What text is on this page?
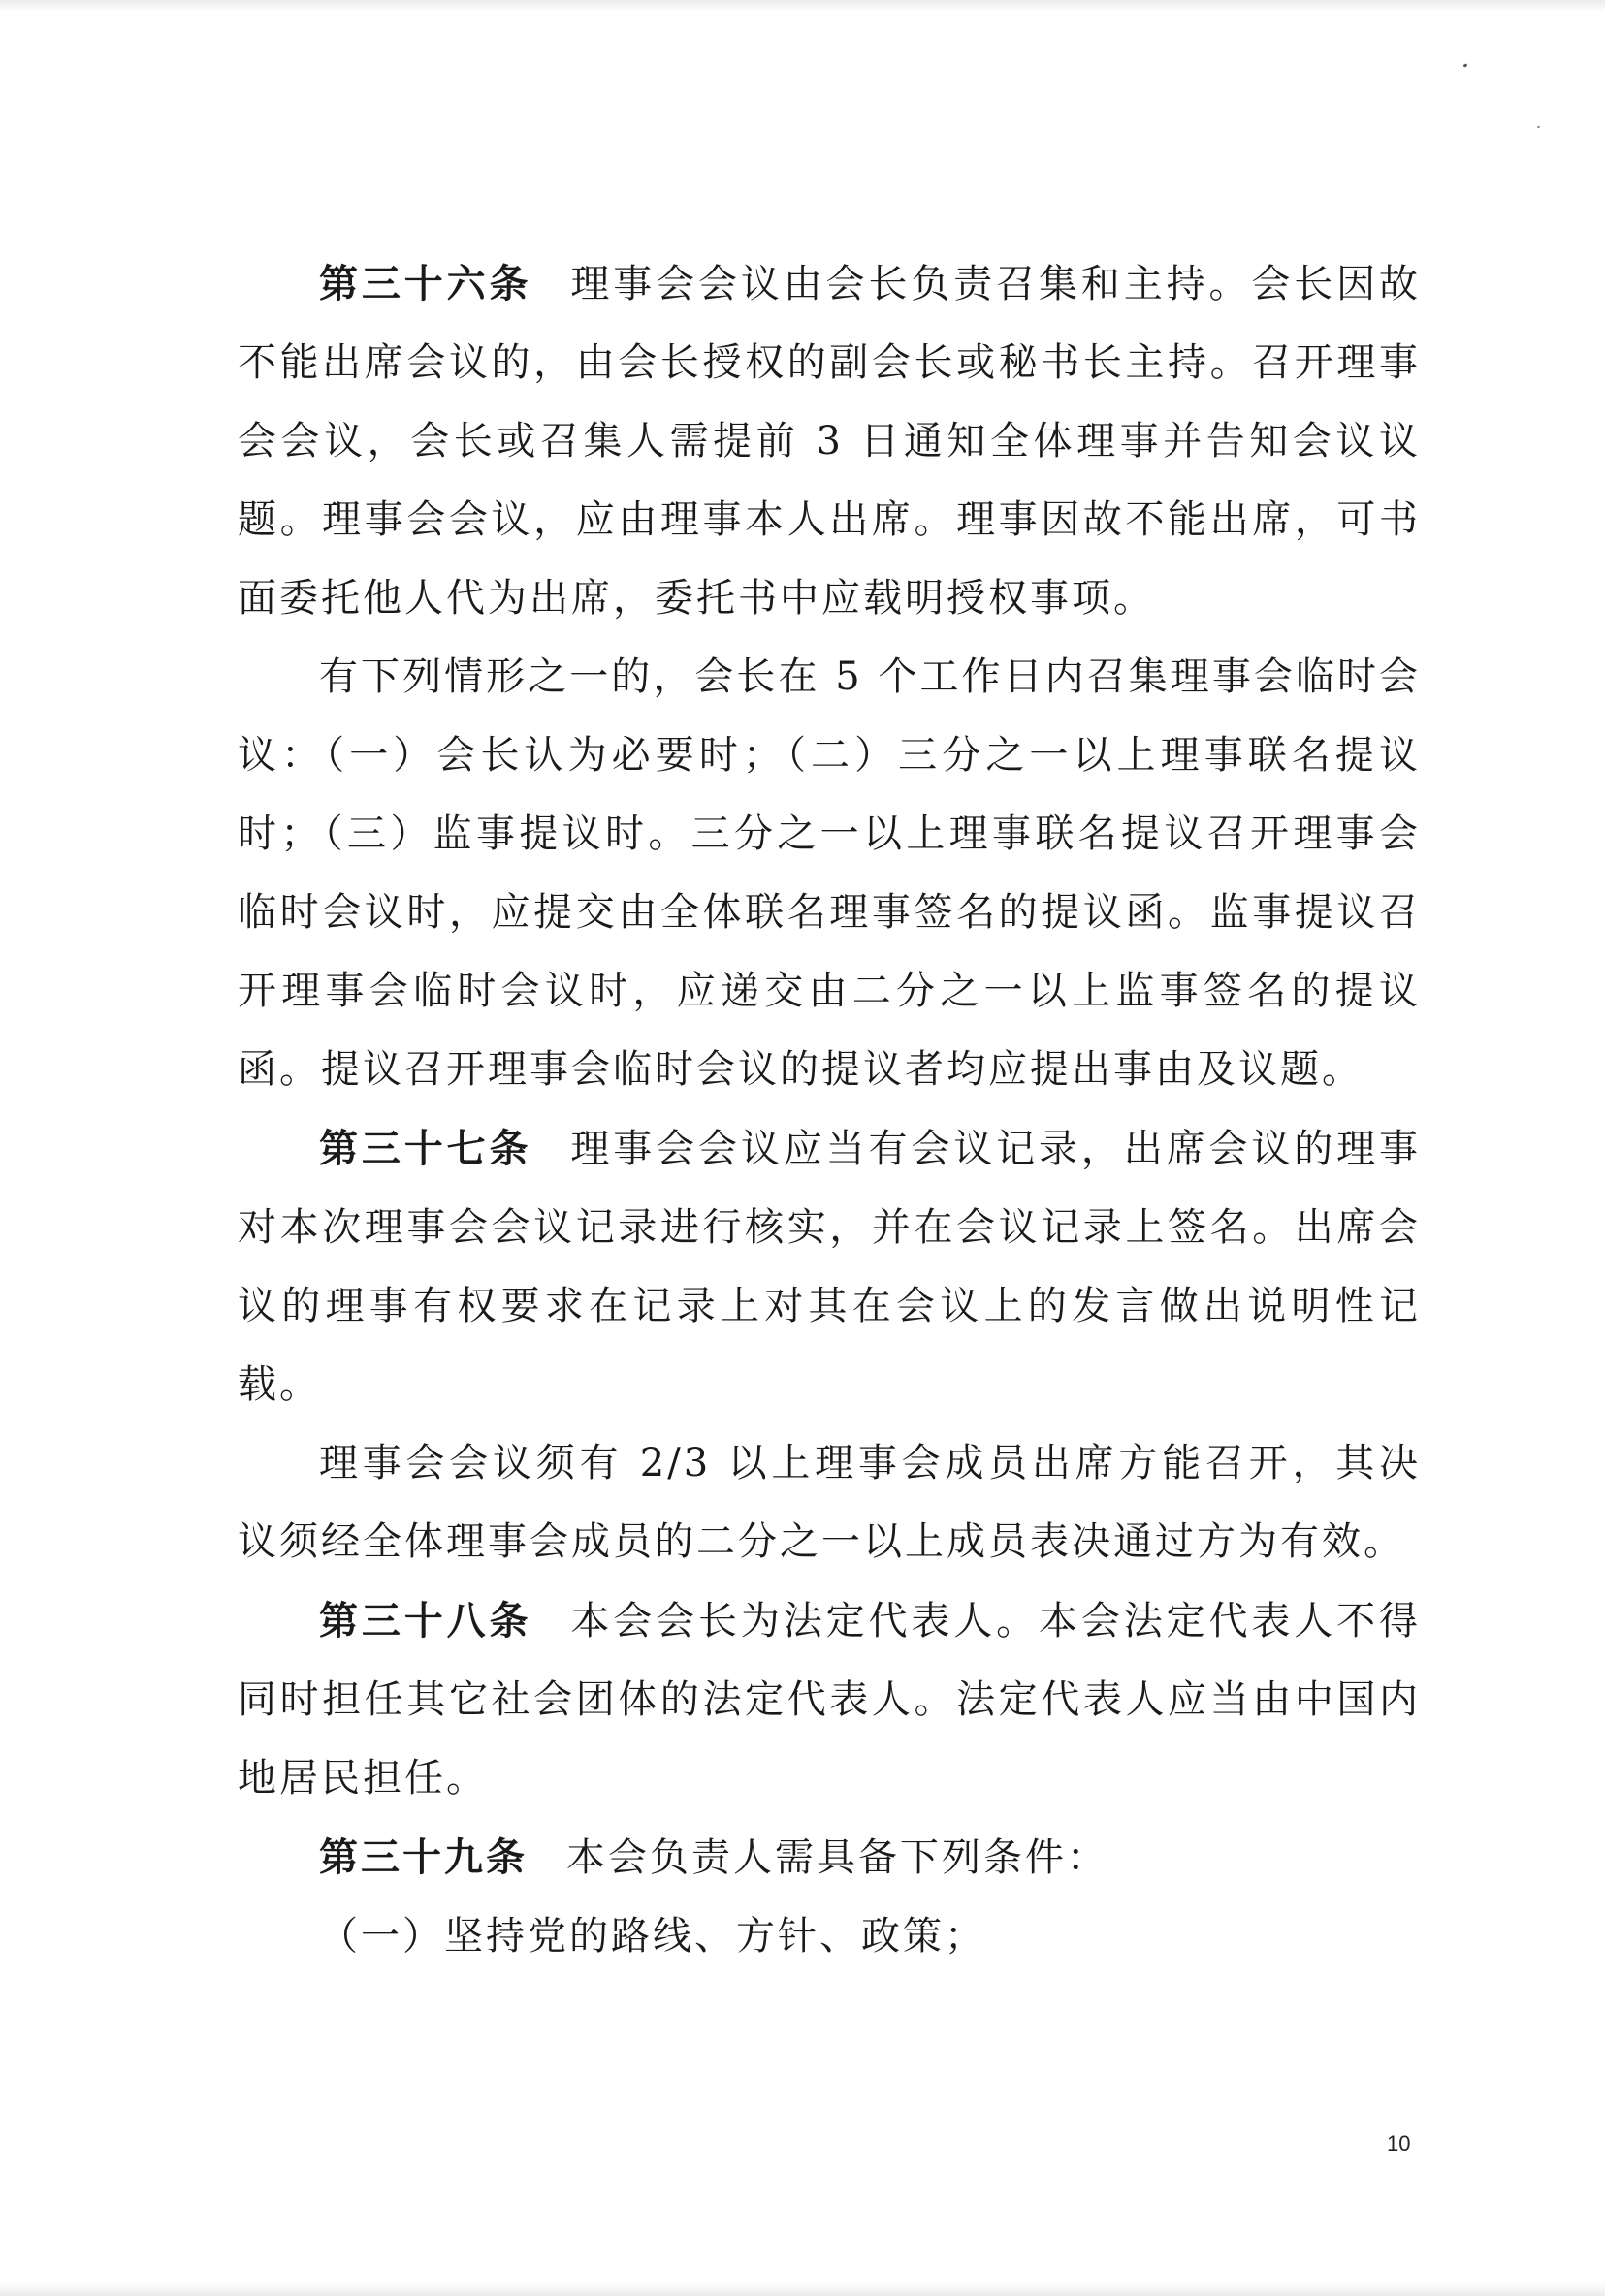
第三十六条 理事会会议由会长负责召集和主持。会长因故不能出席会议的，由会长授权的副会长或秘书长主持。召开理事会会议，会长或召集人需提前 3 日通知全体理事并告知会议议题。理事会会议，应由理事本人出席。理事因故不能出席，可书面委托他人代为出席，委托书中应载明授权事项。

有下列情形之一的，会长在 5 个工作日内召集理事会临时会议：（一）会长认为必要时；（二）三分之一以上理事联名提议时；（三）监事提议时。三分之一以上理事联名提议召开理事会临时会议时，应提交由全体联名理事签名的提议函。监事提议召开理事会临时会议时，应递交由二分之一以上监事签名的提议函。提议召开理事会临时会议的提议者均应提出事由及议题。

第三十七条 理事会会议应当有会议记录，出席会议的理事对本次理事会会议记录进行核实，并在会议记录上签名。出席会议的理事有权要求在记录上对其在会议上的发言做出说明性记载。

理事会会议须有 2/3 以上理事会成员出席方能召开，其决议须经全体理事会成员的二分之一以上成员表决通过方为有效。

第三十八条 本会会长为法定代表人。本会法定代表人不得同时担任其它社会团体的法定代表人。法定代表人应当由中国内地居民担任。

第三十九条 本会负责人需具备下列条件：

（一）坚持党的路线、方针、政策；

10
